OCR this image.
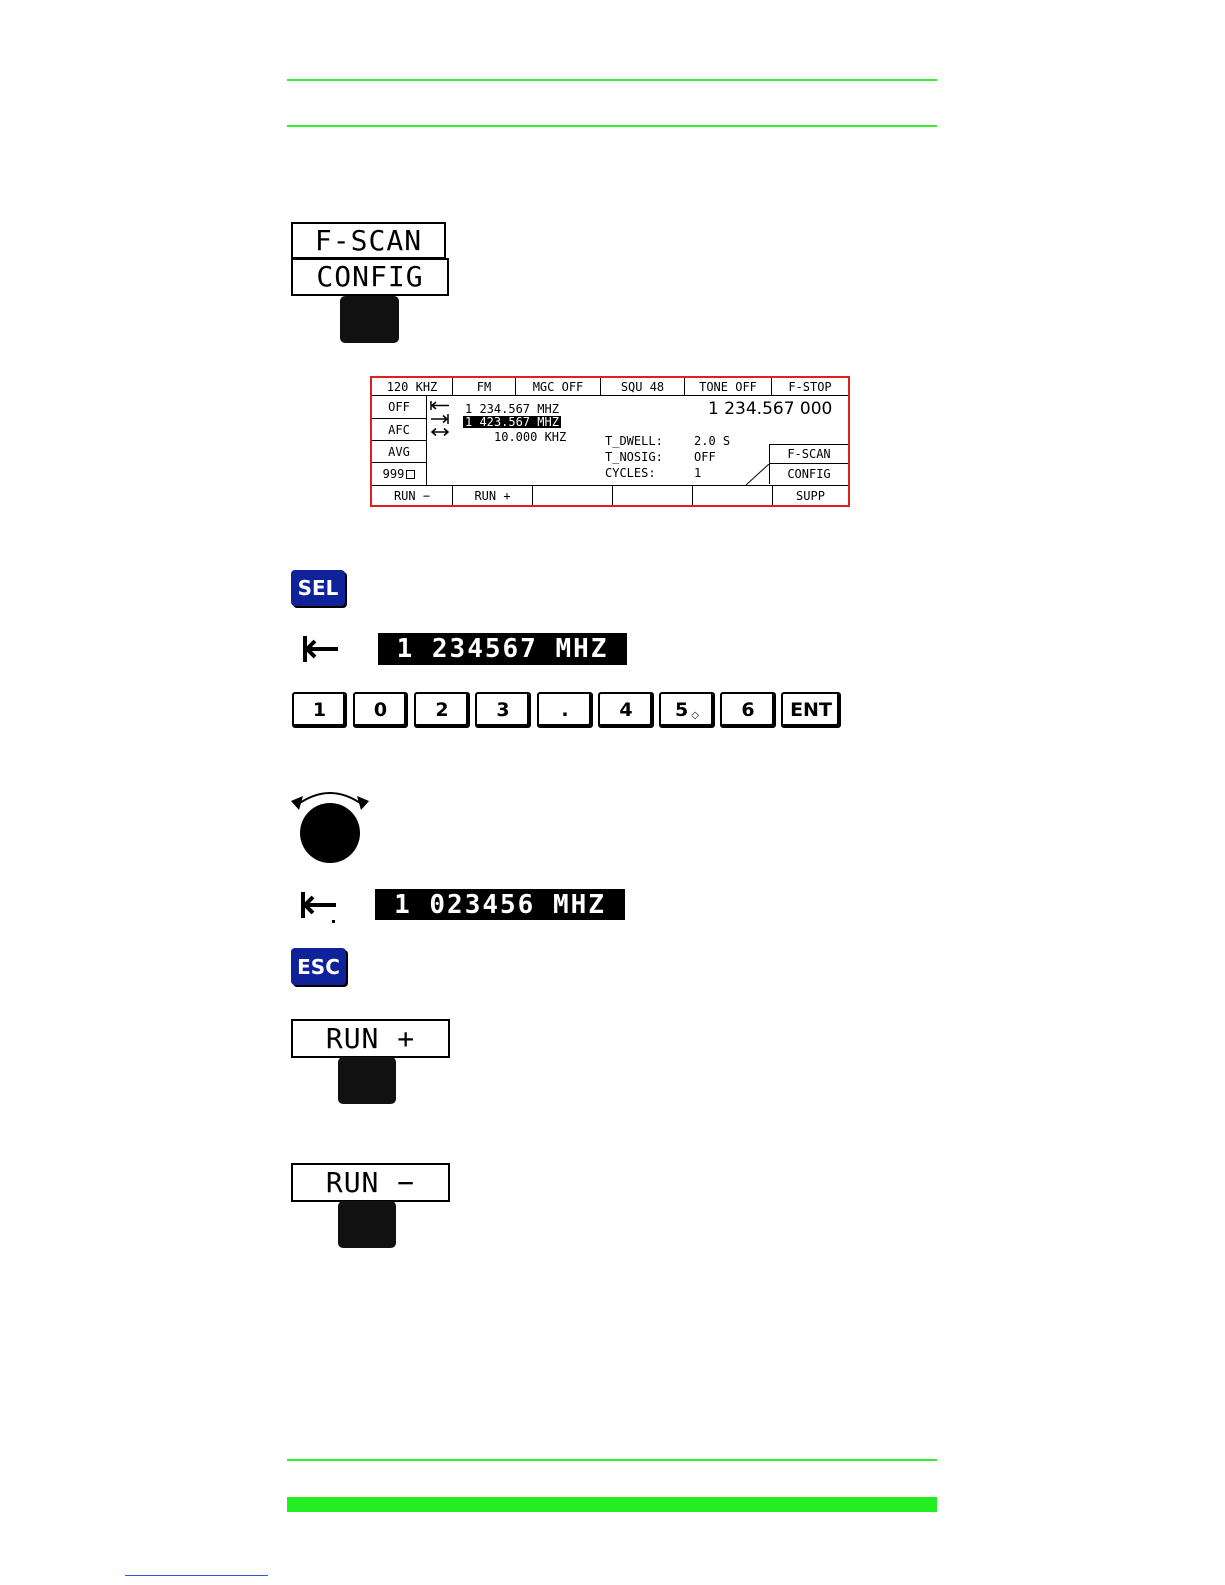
F-SCAN
CONFIG
120 KHZ	FM	MGC OFF	SQU 48	TONE OFF	F-STOP
OFF
AFC
AVG
999
1 234.567 MHZ
1 423.567 MHZ
10.000 KHZ
1 234.567 000
T_DWELL:	2.0 S
T_NOSIG:	OFF
CYCLES:	1
F-SCAN
CONFIG
RUN −	RUN +	SUPP
SEL
1 234567 MHZ
1	0	2	3	.	4	5 ◇	6	ENT
1 023456 MHZ
ESC
RUN +
RUN −
